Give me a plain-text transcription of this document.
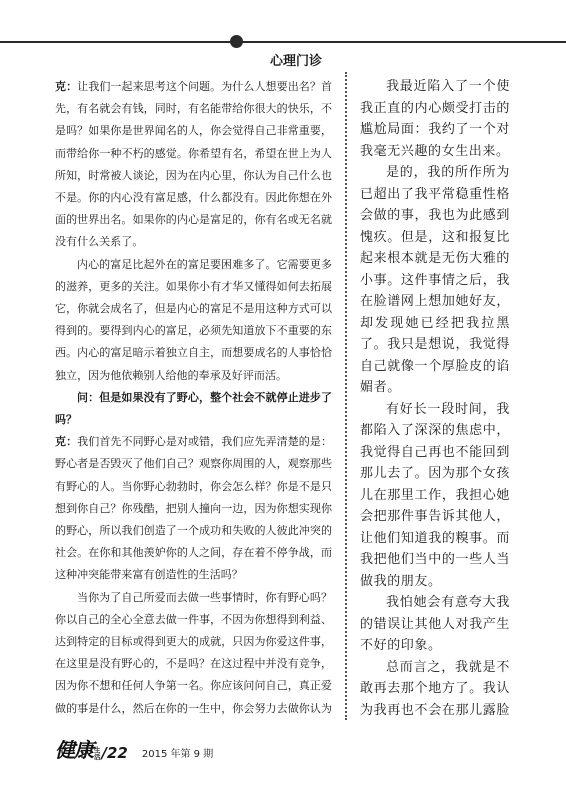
心理门诊

克：让我们一起来思考这个问题。为什么人想要出名？首先，有名就会有钱，同时，有名能带给你很大的快乐，不是吗？如果你是世界闻名的人，你会觉得自己非常重要，而带给你一种不朽的感觉。你希望有名，希望在世上为人所知，时常被人谈论，因为在内心里，你认为自己什么也不是。你的内心没有富足感，什么都没有。因此你想在外面的世界出名。如果你的内心是富足的，你有名或无名就没有什么关系了。

内心的富足比起外在的富足要困难多了。它需要更多的滋养，更多的关注。如果你小有才华又懂得如何去拓展它，你就会成名了，但是内心的富足不是用这种方式可以得到的。要得到内心的富足，必须先知道放下不重要的东西。内心的富足暗示着独立自主，而想要成名的人事恰恰独立，因为他依赖别人给他的奉承及好评而活。

问：但是如果没有了野心，整个社会不就停止进步了吗？

克：我们首先不同野心是对或错，我们应先弄清楚的是：野心者是否毁灭了他们自己？观察你周围的人，观察那些有野心的人。当你野心勃勃时，你会怎么样？你是不是只想到你自己？你残酷，把别人撞向一边，因为你想实现你的野心，所以我们创造了一个成功和失败的人彼此冲突的社会。在你和其他羡妒你的人之间，存在着不停争战，而这种冲突能带来富有创造性的生活吗？

当你为了自己所爱而去做一些事情时，你有野心吗？你以自己的全心全意去做一件事，不因为你想得到利益、达到特定的目标或得到更大的成就，只因为你爱这件事，在这里是没有野心的，不是吗？在这过程中并没有竞争，因为你不想和任何人争第一名。你应该问问自己，真正爱做的事是什么，然后在你的一生中，你会努力去做你认为

我最近陷入了一个使我正直的内心颇受打击的尴尬局面：我约了一个对我毫无兴趣的女生出来。

是的，我的所作所为已超出了我平常稳重性格会做的事，我也为此感到愧疚。但是，这和报复比起来根本就是无伤大雅的小事。这件事情之后，我在脸谱网上想加她好友，却发现她已经把我拉黑了。我只是想说，我觉得自己就像一个厚脸皮的谄媚者。

有好长一段时间，我都陷入了深深的焦虑中，我觉得自己再也不能回到那儿去了。因为那个女孩儿在那里工作，我担心她会把那件事告诉其他人，让他们知道我的糗事。而我把他们当中的一些人当做我的朋友。

我怕她会有意夸大我的错误让其他人对我产生不好的印象。

总而言之，我就是不敢再去那个地方了。我认为我再也不会在那儿露脸

健康 生
活 /22 2015 年第 9 期
